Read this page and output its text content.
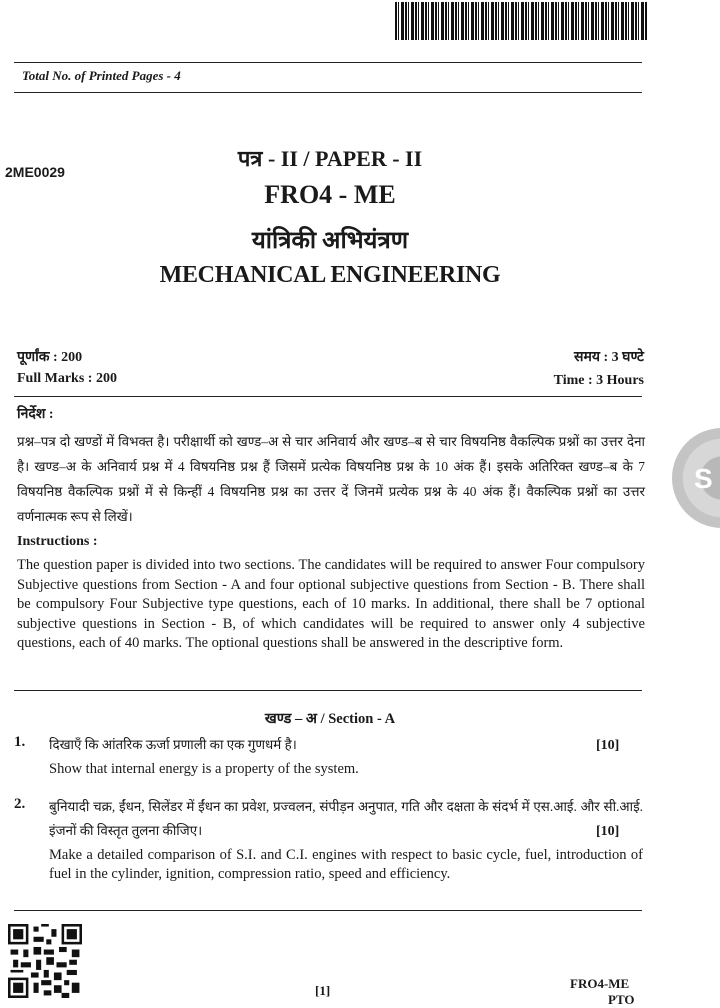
Total No. of Printed Pages - 4
2ME0029
पत्र - II / PAPER - II
FRO4 - ME
यांत्रिकी अभियंत्रण
MECHANICAL ENGINEERING
पूर्णांक : 200	समय : 3 घण्टे
Full Marks : 200	Time : 3 Hours
निर्देश :
प्रश्न–पत्र दो खण्डों में विभक्त है। परीक्षार्थी को खण्ड–अ से चार अनिवार्य और खण्ड–ब से चार विषयनिष्ठ वैकल्पिक प्रश्नों का उत्तर देना है। खण्ड–अ के अनिवार्य प्रश्न में 4 विषयनिष्ठ प्रश्न हैं जिसमें प्रत्येक विषयनिष्ठ प्रश्न के 10 अंक हैं। इसके अतिरिक्त खण्ड–ब के 7 विषयनिष्ठ वैकल्पिक प्रश्नों में से किन्हीं 4 विषयनिष्ठ प्रश्न का उत्तर दें जिनमें प्रत्येक प्रश्न के 40 अंक हैं। वैकल्पिक प्रश्नों का उत्तर वर्णनात्मक रूप से लिखें।
Instructions :
The question paper is divided into two sections. The candidates will be required to answer Four compulsory Subjective questions from Section - A and four optional subjective questions from Section - B. There shall be compulsory Four Subjective type questions, each of 10 marks. In additional, there shall be 7 optional subjective questions in Section - B, of which candidates will be required to answer only 4 subjective questions, each of 40 marks. The optional questions shall be answered in the descriptive form.
खण्ड – अ / Section - A
1. दिखाएँ कि आंतरिक ऊर्जा प्रणाली का एक गुणधर्म है।	[10]
Show that internal energy is a property of the system.
2. बुनियादी चक्र, ईंधन, सिलेंडर में ईंधन का प्रवेश, प्रज्वलन, संपीड़न अनुपात, गति और दक्षता के संदर्भ में एस.आई. और सी.आई. इंजनों की विस्तृत तुलना कीजिए।	[10]
Make a detailed comparison of S.I. and C.I. engines with respect to basic cycle, fuel, introduction of fuel in the cylinder, ignition, compression ratio, speed and efficiency.
S
[1]	FRO4-ME
PTO
